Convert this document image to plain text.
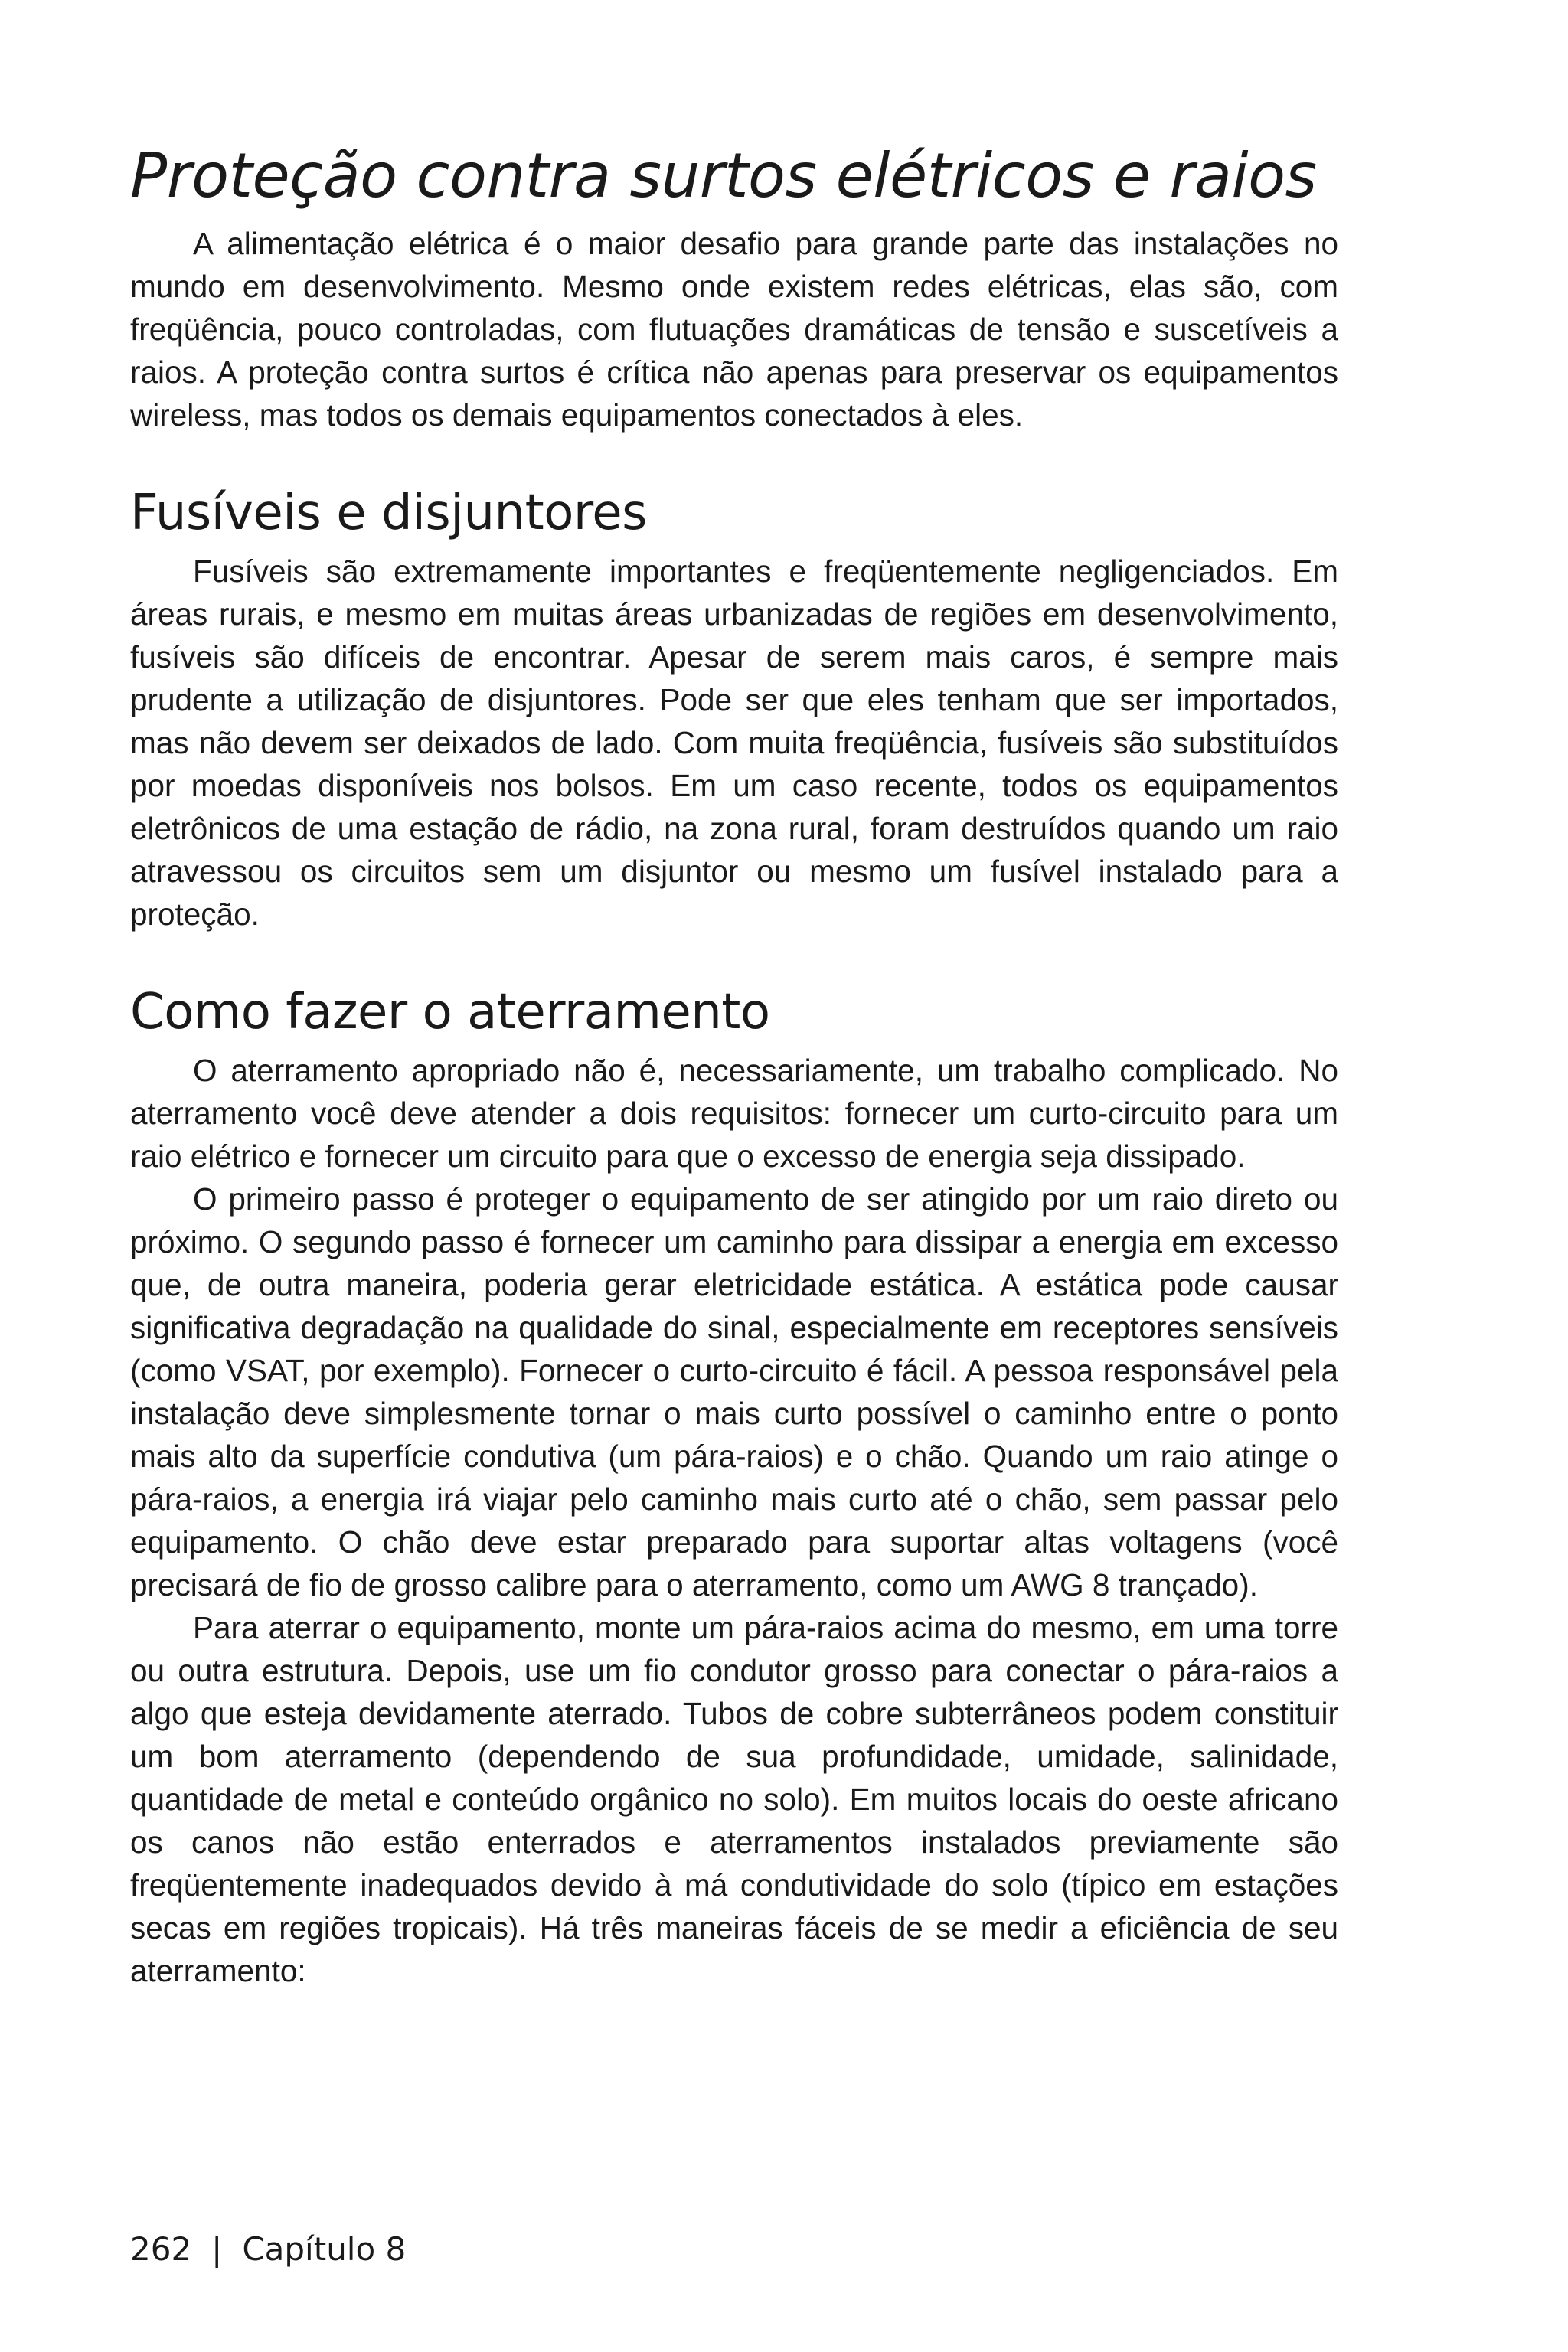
Proteção contra surtos elétricos e raios

A alimentação elétrica é o maior desafio para grande parte das instalações no mundo em desenvolvimento. Mesmo onde existem redes elétricas, elas são, com freqüência, pouco controladas, com flutuações dramáticas de tensão e suscetíveis a raios. A proteção contra surtos é crítica não apenas para preservar os equipamentos wireless, mas todos os demais equipamentos conectados à eles.

Fusíveis e disjuntores

Fusíveis são extremamente importantes e freqüentemente negligenciados. Em áreas rurais, e mesmo em muitas áreas urbanizadas de regiões em desenvolvimento, fusíveis são difíceis de encontrar. Apesar de serem mais caros, é sempre mais prudente a utilização de disjuntores. Pode ser que eles tenham que ser importados, mas não devem ser deixados de lado. Com muita freqüência, fusíveis são substituídos por moedas disponíveis nos bolsos. Em um caso recente, todos os equipamentos eletrônicos de uma estação de rádio, na zona rural, foram destruídos quando um raio atravessou os circuitos sem um disjuntor ou mesmo um fusível instalado para a proteção.

Como fazer o aterramento

O aterramento apropriado não é, necessariamente, um trabalho complicado. No aterramento você deve atender a dois requisitos: fornecer um curto-circuito para um raio elétrico e fornecer um circuito para que o excesso de energia seja dissipado.

O primeiro passo é proteger o equipamento de ser atingido por um raio direto ou próximo. O segundo passo é fornecer um caminho para dissipar a energia em excesso que, de outra maneira, poderia gerar eletricidade estática. A estática pode causar significativa degradação na qualidade do sinal, especialmente em receptores sensíveis (como VSAT, por exemplo). Fornecer o curto-circuito é fácil. A pessoa responsável pela instalação deve simplesmente tornar o mais curto possível o caminho entre o ponto mais alto da superfície condutiva (um pára-raios) e o chão. Quando um raio atinge o pára-raios, a energia irá viajar pelo caminho mais curto até o chão, sem passar pelo equipamento. O chão deve estar preparado para suportar altas voltagens (você precisará de fio de grosso calibre para o aterramento, como um AWG 8 trançado).

Para aterrar o equipamento, monte um pára-raios acima do mesmo, em uma torre ou outra estrutura. Depois, use um fio condutor grosso para conectar o pára-raios a algo que esteja devidamente aterrado. Tubos de cobre subterrâneos podem constituir um bom aterramento (dependendo de sua profundidade, umidade, salinidade, quantidade de metal e conteúdo orgânico no solo). Em muitos locais do oeste africano os canos não estão enterrados e aterramentos instalados previamente são freqüentemente inadequados devido à má condutividade do solo (típico em estações secas em regiões tropicais). Há três maneiras fáceis de se medir a eficiência de seu aterramento:

262 | Capítulo 8
